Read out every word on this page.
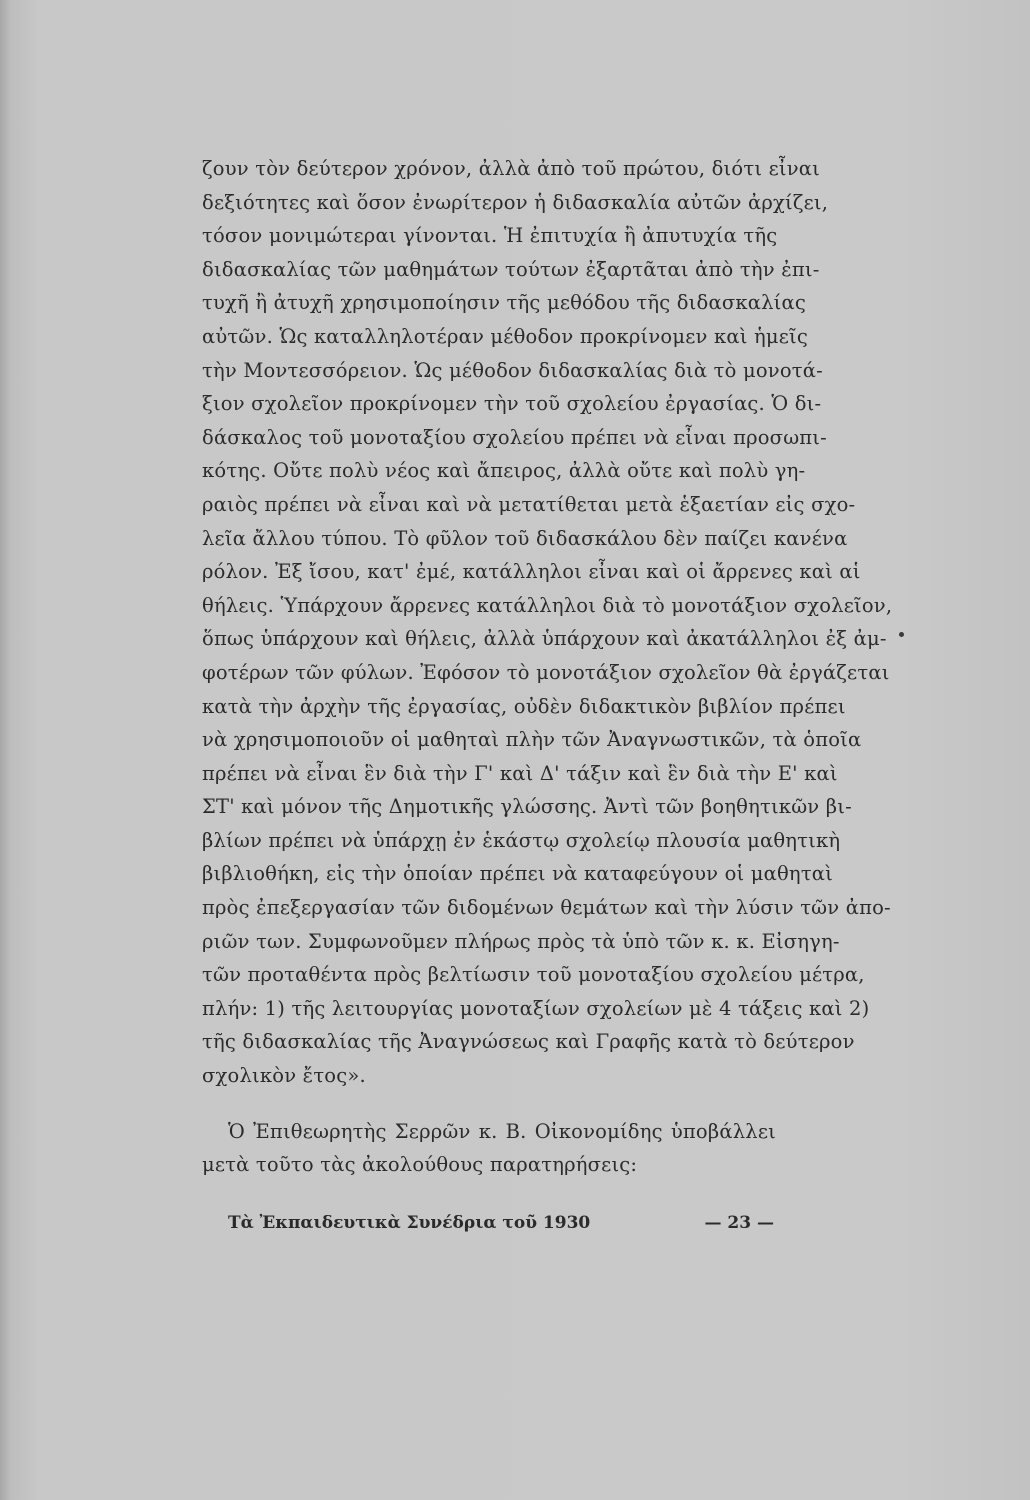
ζουν τὸν δεύτερον χρόνον, ἀλλὰ ἀπὸ τοῦ πρώτου, διότι εἶναι
δεξιότητες καὶ ὅσον ἐνωρίτερον ἡ διδασκαλία αὐτῶν ἀρχίζει,
τόσον μονιμώτεραι γίνονται. Ἡ ἐπιτυχία ἢ ἀπυτυχία τῆς
διδασκαλίας τῶν μαθημάτων τούτων ἐξαρτᾶται ἀπὸ τὴν ἐπι-
τυχῆ ἢ ἀτυχῆ χρησιμοποίησιν τῆς μεθόδου τῆς διδασκαλίας
αὐτῶν. Ὡς καταλληλοτέραν μέθοδον προκρίνομεν καὶ ἡμεῖς
τὴν Μοντεσσόρειον. Ὡς μέθοδον διδασκαλίας διὰ τὸ μονοτά-
ξιον σχολεῖον προκρίνομεν τὴν τοῦ σχολείου ἐργασίας. Ὁ δι-
δάσκαλος τοῦ μονοταξίου σχολείου πρέπει νὰ εἶναι προσωπι-
κότης. Οὔτε πολὺ νέος καὶ ἄπειρος, ἀλλὰ οὔτε καὶ πολὺ γη-
ραιὸς πρέπει νὰ εἶναι καὶ νὰ μετατίθεται μετὰ ἑξαετίαν εἰς σχο-
λεῖα ἄλλου τύπου. Τὸ φῦλον τοῦ διδασκάλου δὲν παίζει κανένα
ρόλον. Ἐξ ἴσου, κατ' ἐμέ, κατάλληλοι εἶναι καὶ οἱ ἄρρενες καὶ αἱ
θήλεις. Ὑπάρχουν ἄρρενες κατάλληλοι διὰ τὸ μονοτάξιον σχολεῖον,
ὅπως ὑπάρχουν καὶ θήλεις, ἀλλὰ ὑπάρχουν καὶ ἀκατάλληλοι ἐξ ἀμ-
φοτέρων τῶν φύλων. Ἐφόσον τὸ μονοτάξιον σχολεῖον θὰ ἐργάζεται
κατὰ τὴν ἀρχὴν τῆς ἐργασίας, οὐδὲν διδακτικὸν βιβλίον πρέπει
νὰ χρησιμοποιοῦν οἱ μαθηταὶ πλὴν τῶν Ἀναγνωστικῶν, τὰ ὁποῖα
πρέπει νὰ εἶναι ἓν διὰ τὴν Γ' καὶ Δ' τάξιν καὶ ἓν διὰ τὴν Ε' καὶ
ΣΤ' καὶ μόνον τῆς Δημοτικῆς γλώσσης. Ἀντὶ τῶν βοηθητικῶν βι-
βλίων πρέπει νὰ ὑπάρχῃ ἐν ἑκάστῳ σχολείῳ πλουσία μαθητικὴ
βιβλιοθήκη, εἰς τὴν ὁποίαν πρέπει νὰ καταφεύγουν οἱ μαθηταὶ
πρὸς ἐπεξεργασίαν τῶν διδομένων θεμάτων καὶ τὴν λύσιν τῶν ἀπο-
ριῶν των. Συμφωνοῦμεν πλήρως πρὸς τὰ ὑπὸ τῶν κ. κ. Εἰσηγη-
τῶν προταθέντα πρὸς βελτίωσιν τοῦ μονοταξίου σχολείου μέτρα,
πλήν: 1) τῆς λειτουργίας μονοταξίων σχολείων μὲ 4 τάξεις καὶ 2)
τῆς διδασκαλίας τῆς Ἀναγνώσεως καὶ Γραφῆς κατὰ τὸ δεύτερον
σχολικὸν ἔτος».
Ὁ Ἐπιθεωρητὴς Σερρῶν κ. Β. Οἰκονομίδης ὑποβάλλει
μετὰ τοῦτο τὰς ἀκολούθους παρατηρήσεις:
Τὰ Ἐκπαιδευτικὰ Συνέδρια τοῦ 1930	— 23 —
